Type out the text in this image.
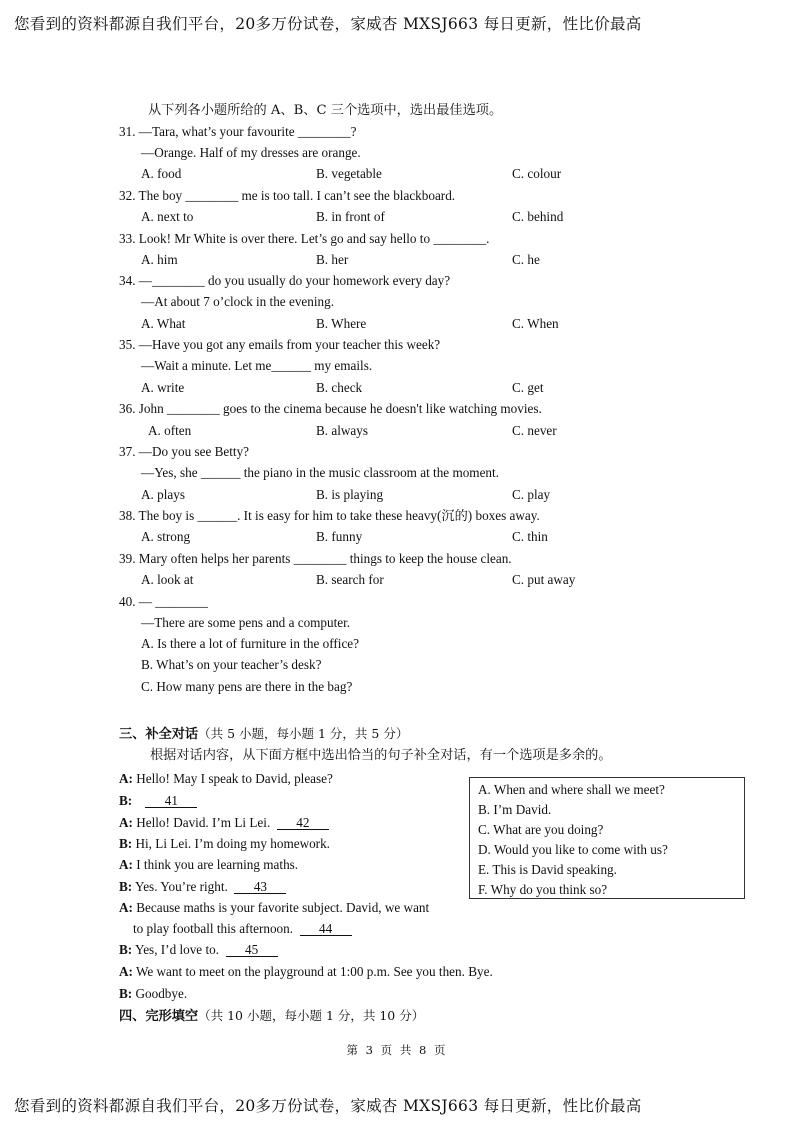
您看到的资料都源自我们平台，20多万份试卷，家威杏 MXSJ663 每日更新，性比价最高
从下列各小题所给的 A、B、C 三个选项中，选出最佳选项。
31. —Tara, what’s your favourite ________?
—Orange. Half of my dresses are orange.
A. food	B. vegetable	C. colour
32. The boy ________ me is too tall. I can’t see the blackboard.
A. next to	B. in front of	C. behind
33. Look! Mr White is over there. Let’s go and say hello to ________.
A. him	B. her	C. he
34. —________ do you usually do your homework every day?
—At about 7 o’clock in the evening.
A. What	B. Where	C. When
35. —Have you got any emails from your teacher this week?
—Wait a minute. Let me______ my emails.
A. write	B. check	C. get
36. John ________ goes to the cinema because he doesn't like watching movies.
A. often	B. always	C. never
37. —Do you see Betty?
—Yes, she ______ the piano in the music classroom at the moment.
A. plays	B. is playing	C. play
38. The boy is ______. It is easy for him to take these heavy(沉的) boxes away.
A. strong	B. funny	C. thin
39. Mary often helps her parents ________ things to keep the house clean.
A. look at	B. search for	C. put away
40. — ________
—There are some pens and a computer.
A. Is there a lot of furniture in the office?
B. What’s on your teacher’s desk?
C. How many pens are there in the bag?
三、补全对话（共 5 小题，每小题 1 分，共 5 分）
根据对话内容，从下面方框中选出恰当的句子补全对话，有一个选项是多余的。
A: Hello! May I speak to David, please?
B: 41
A: Hello! David. I’m Li Lei. 42
B: Hi, Li Lei. I’m doing my homework.
A: I think you are learning maths.
B: Yes. You’re right. 43
A: Because maths is your favorite subject. David, we want
to play football this afternoon. 44
B: Yes, I’d love to. 45
A: We want to meet on the playground at 1:00 p.m. See you then. Bye.
B: Goodbye.
A. When and where shall we meet?
B. I’m David.
C. What are you doing?
D. Would you like to come with us?
E. This is David speaking.
F. Why do you think so?
四、完形填空（共 10 小题，每小题 1 分，共 10 分）
第 3 页 共 8 页
您看到的资料都源自我们平台，20多万份试卷，家威杏 MXSJ663 每日更新，性比价最高
